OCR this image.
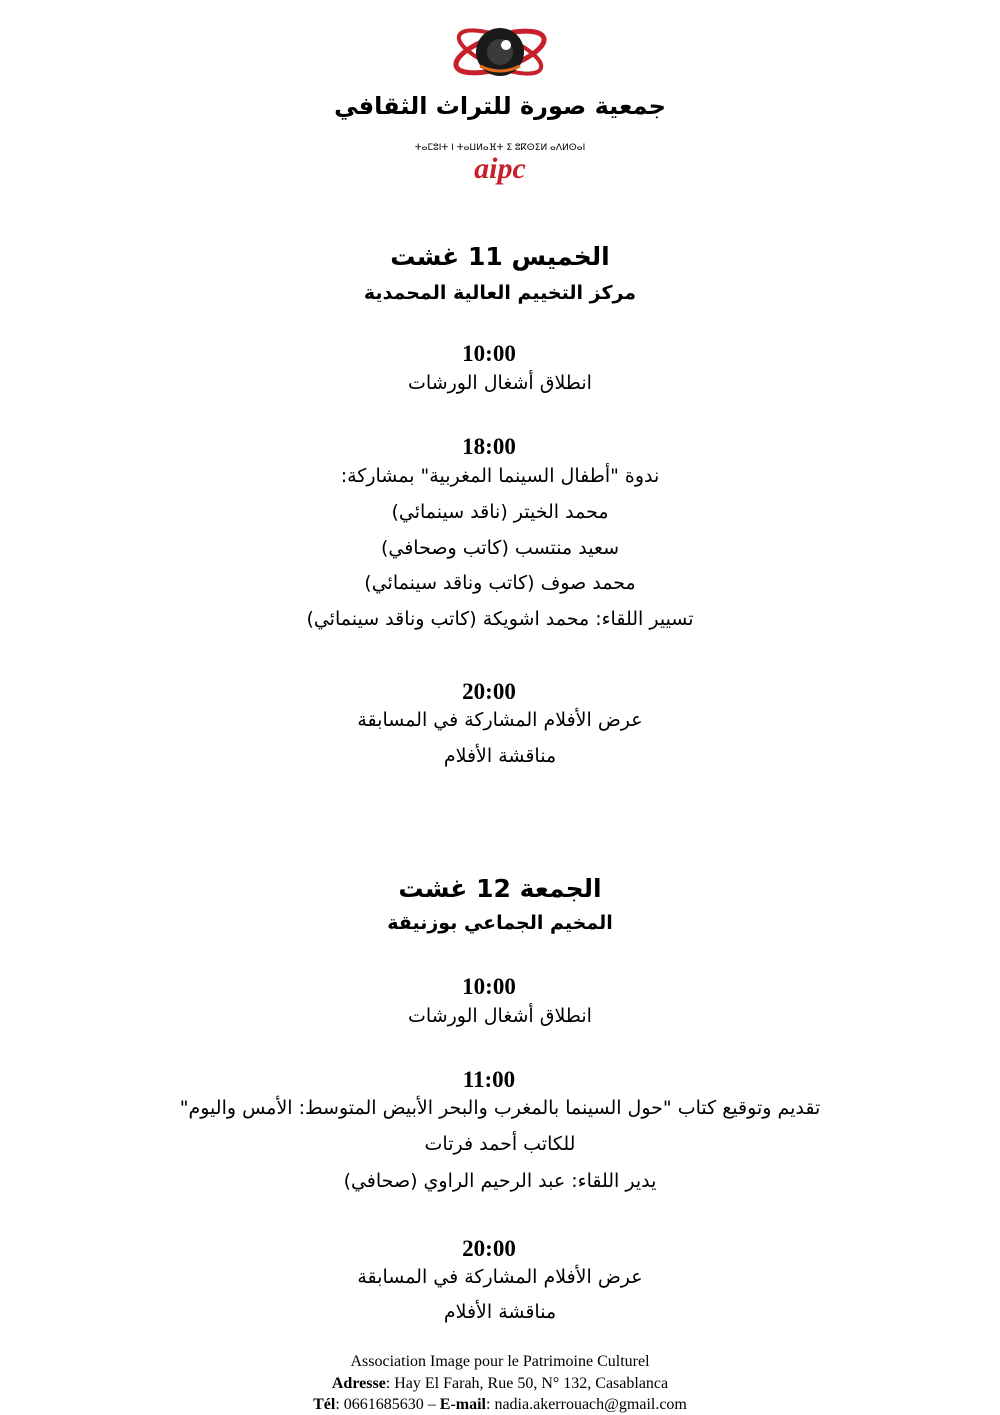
جمعية صورة للتراث الثقافي
ⵜⴰⵎⵓⵏⵜ ⵏ ⵜⴰⵡⵍⴰⴼⵜ ⵉ ⵓⴽⵙⵉⵍ ⴰⴷⵍⵙⴰⵏ
aipc
الخميس 11 غشت
مركز التخييم العالية المحمدية
10:00
انطلاق أشغال الورشات
18:00
ندوة "أطفال السينما المغربية" بمشاركة:
محمد الخيتر (ناقد سينمائي)
سعيد منتسب (كاتب وصحافي)
محمد صوف (كاتب وناقد سينمائي)
تسيير اللقاء: محمد اشويكة (كاتب وناقد سينمائي)
20:00
عرض الأفلام المشاركة في المسابقة
مناقشة الأفلام
الجمعة 12 غشت
المخيم الجماعي بوزنيقة
10:00
انطلاق أشغال الورشات
11:00
تقديم وتوقيع كتاب "حول السينما بالمغرب والبحر الأبيض المتوسط: الأمس واليوم"
للكاتب أحمد فرتات
يدير اللقاء: عبد الرحيم الراوي (صحافي)
20:00
عرض الأفلام المشاركة في المسابقة
مناقشة الأفلام
Association Image pour le Patrimoine Culturel
Adresse: Hay El Farah, Rue 50, N° 132, Casablanca
Tél: 0661685630 – E-mail: nadia.akerrouach@gmail.com
